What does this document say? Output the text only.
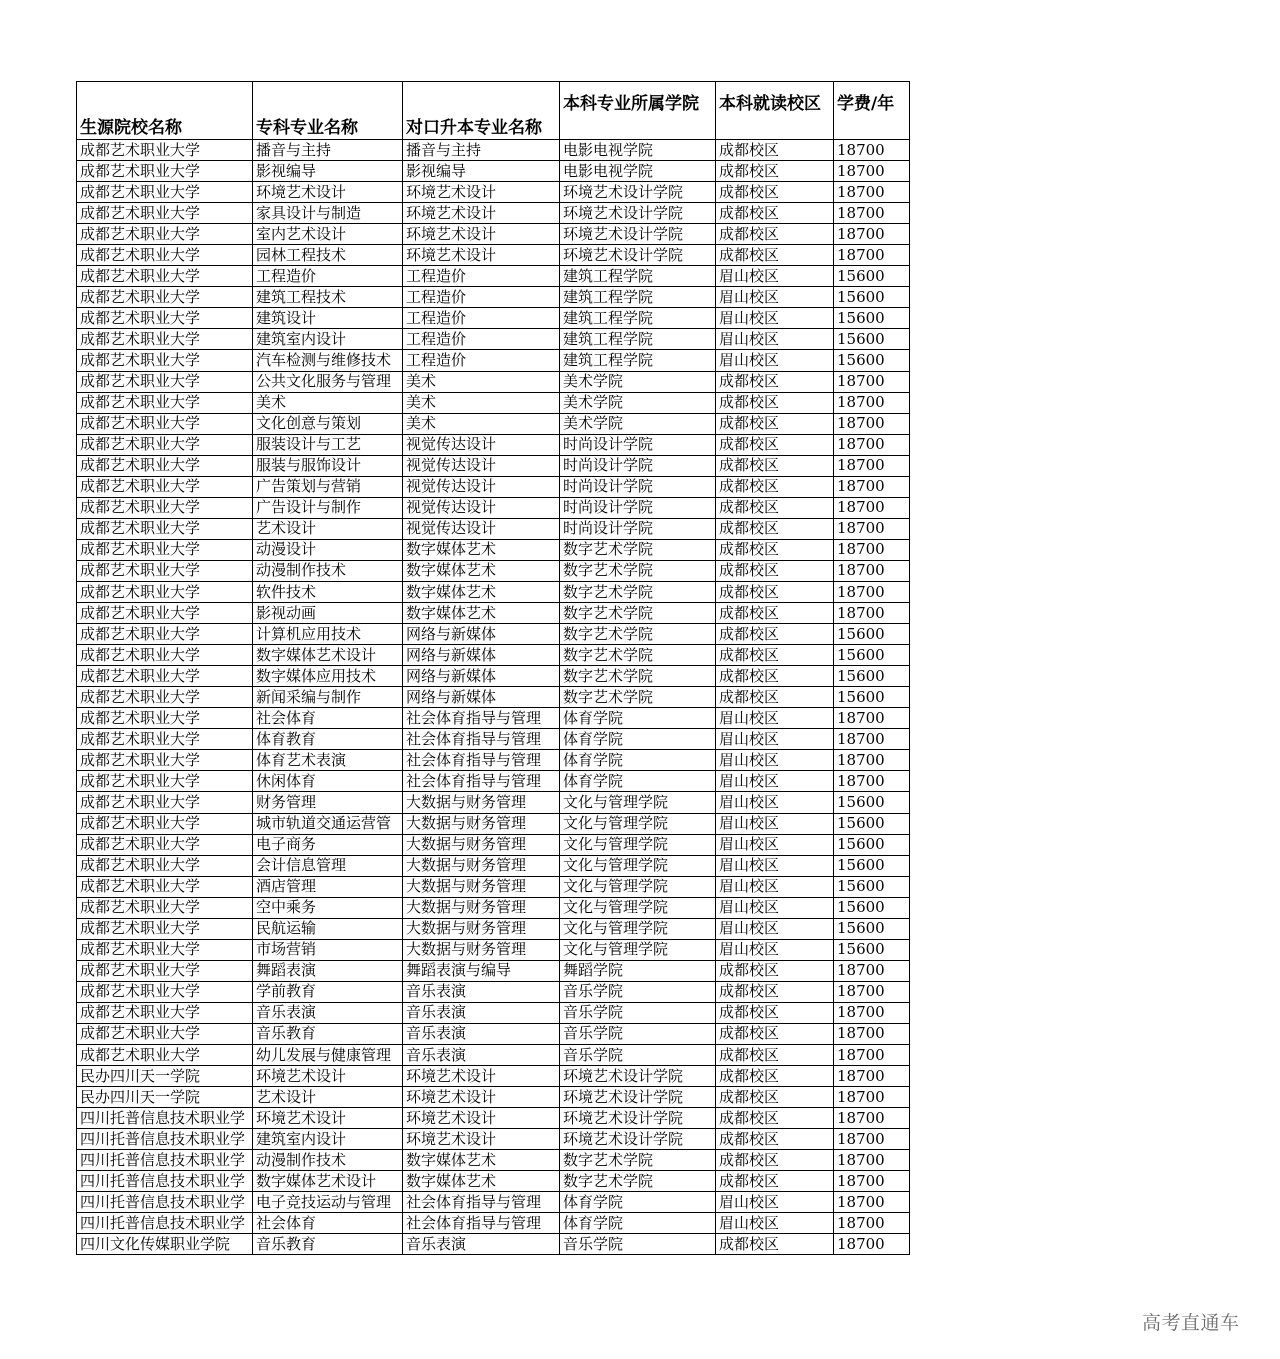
生源院校名称	专科专业名称	对口升本专业名称	本科专业所属学院	本科就读校区	学费/年
成都艺术职业大学	播音与主持	播音与主持	电影电视学院	成都校区	18700
成都艺术职业大学	影视编导	影视编导	电影电视学院	成都校区	18700
成都艺术职业大学	环境艺术设计	环境艺术设计	环境艺术设计学院	成都校区	18700
成都艺术职业大学	家具设计与制造	环境艺术设计	环境艺术设计学院	成都校区	18700
成都艺术职业大学	室内艺术设计	环境艺术设计	环境艺术设计学院	成都校区	18700
成都艺术职业大学	园林工程技术	环境艺术设计	环境艺术设计学院	成都校区	18700
成都艺术职业大学	工程造价	工程造价	建筑工程学院	眉山校区	15600
成都艺术职业大学	建筑工程技术	工程造价	建筑工程学院	眉山校区	15600
成都艺术职业大学	建筑设计	工程造价	建筑工程学院	眉山校区	15600
成都艺术职业大学	建筑室内设计	工程造价	建筑工程学院	眉山校区	15600
成都艺术职业大学	汽车检测与维修技术	工程造价	建筑工程学院	眉山校区	15600
成都艺术职业大学	公共文化服务与管理	美术	美术学院	成都校区	18700
成都艺术职业大学	美术	美术	美术学院	成都校区	18700
成都艺术职业大学	文化创意与策划	美术	美术学院	成都校区	18700
成都艺术职业大学	服装设计与工艺	视觉传达设计	时尚设计学院	成都校区	18700
成都艺术职业大学	服装与服饰设计	视觉传达设计	时尚设计学院	成都校区	18700
成都艺术职业大学	广告策划与营销	视觉传达设计	时尚设计学院	成都校区	18700
成都艺术职业大学	广告设计与制作	视觉传达设计	时尚设计学院	成都校区	18700
成都艺术职业大学	艺术设计	视觉传达设计	时尚设计学院	成都校区	18700
成都艺术职业大学	动漫设计	数字媒体艺术	数字艺术学院	成都校区	18700
成都艺术职业大学	动漫制作技术	数字媒体艺术	数字艺术学院	成都校区	18700
成都艺术职业大学	软件技术	数字媒体艺术	数字艺术学院	成都校区	18700
成都艺术职业大学	影视动画	数字媒体艺术	数字艺术学院	成都校区	18700
成都艺术职业大学	计算机应用技术	网络与新媒体	数字艺术学院	成都校区	15600
成都艺术职业大学	数字媒体艺术设计	网络与新媒体	数字艺术学院	成都校区	15600
成都艺术职业大学	数字媒体应用技术	网络与新媒体	数字艺术学院	成都校区	15600
成都艺术职业大学	新闻采编与制作	网络与新媒体	数字艺术学院	成都校区	15600
成都艺术职业大学	社会体育	社会体育指导与管理	体育学院	眉山校区	18700
成都艺术职业大学	体育教育	社会体育指导与管理	体育学院	眉山校区	18700
成都艺术职业大学	体育艺术表演	社会体育指导与管理	体育学院	眉山校区	18700
成都艺术职业大学	休闲体育	社会体育指导与管理	体育学院	眉山校区	18700
成都艺术职业大学	财务管理	大数据与财务管理	文化与管理学院	眉山校区	15600
成都艺术职业大学	城市轨道交通运营管	大数据与财务管理	文化与管理学院	眉山校区	15600
成都艺术职业大学	电子商务	大数据与财务管理	文化与管理学院	眉山校区	15600
成都艺术职业大学	会计信息管理	大数据与财务管理	文化与管理学院	眉山校区	15600
成都艺术职业大学	酒店管理	大数据与财务管理	文化与管理学院	眉山校区	15600
成都艺术职业大学	空中乘务	大数据与财务管理	文化与管理学院	眉山校区	15600
成都艺术职业大学	民航运输	大数据与财务管理	文化与管理学院	眉山校区	15600
成都艺术职业大学	市场营销	大数据与财务管理	文化与管理学院	眉山校区	15600
成都艺术职业大学	舞蹈表演	舞蹈表演与编导	舞蹈学院	成都校区	18700
成都艺术职业大学	学前教育	音乐表演	音乐学院	成都校区	18700
成都艺术职业大学	音乐表演	音乐表演	音乐学院	成都校区	18700
成都艺术职业大学	音乐教育	音乐表演	音乐学院	成都校区	18700
成都艺术职业大学	幼儿发展与健康管理	音乐表演	音乐学院	成都校区	18700
民办四川天一学院	环境艺术设计	环境艺术设计	环境艺术设计学院	成都校区	18700
民办四川天一学院	艺术设计	环境艺术设计	环境艺术设计学院	成都校区	18700
四川托普信息技术职业学	环境艺术设计	环境艺术设计	环境艺术设计学院	成都校区	18700
四川托普信息技术职业学	建筑室内设计	环境艺术设计	环境艺术设计学院	成都校区	18700
四川托普信息技术职业学	动漫制作技术	数字媒体艺术	数字艺术学院	成都校区	18700
四川托普信息技术职业学	数字媒体艺术设计	数字媒体艺术	数字艺术学院	成都校区	18700
四川托普信息技术职业学	电子竞技运动与管理	社会体育指导与管理	体育学院	眉山校区	18700
四川托普信息技术职业学	社会体育	社会体育指导与管理	体育学院	眉山校区	18700
四川文化传媒职业学院	音乐教育	音乐表演	音乐学院	成都校区	18700
高考直通车
